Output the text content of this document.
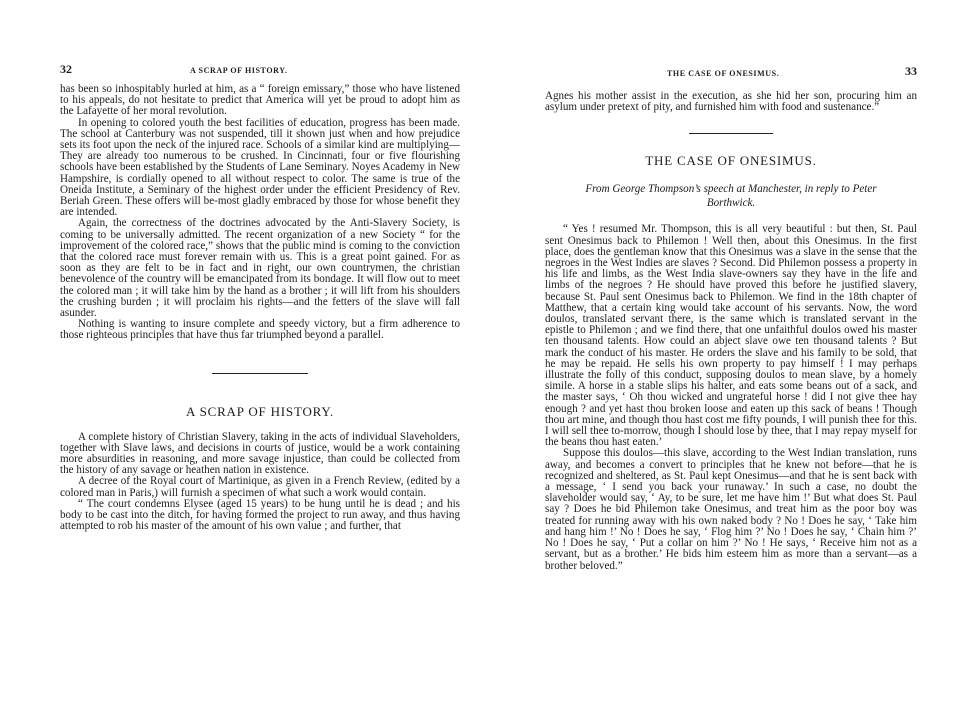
32	A SCRAP OF HISTORY.

has been so inhospitably hurled at him, as a “ foreign emissary,” those who have listened to his appeals, do not hesitate to predict that America will yet be proud to adopt him as the Lafayette of her moral revolution.

In opening to colored youth the best facilities of education, progress has been made. The school at Canterbury was not suspended, till it shown just when and how prejudice sets its foot upon the neck of the injured race. Schools of a similar kind are multiplying—They are already too numerous to be crushed. In Cincinnati, four or five flourishing schools have been established by the Students of Lane Seminary. Noyes Academy in New Hampshire, is cordially opened to all without respect to color. The same is true of the Oneida Institute, a Seminary of the highest order under the efficient Presidency of Rev. Beriah Green. These offers will be-most gladly embraced by those for whose benefit they are intended.

Again, the correctness of the doctrines advocated by the Anti-Slavery Society, is coming to be universally admitted. The recent organization of a new Society “ for the improvement of the colored race,” shows that the public mind is coming to the conviction that the colored race must forever remain with us. This is a great point gained. For as soon as they are felt to be in fact and in right, our own countrymen, the christian benevolence of the country will be emancipated from its bondage. It will flow out to meet the colored man ; it will take him by the hand as a brother ; it will lift from his shoulders the crushing burden ; it will proclaim his rights—and the fetters of the slave will fall asunder.

Nothing is wanting to insure complete and speedy victory, but a firm adherence to those righteous principles that have thus far triumphed beyond a parallel.

A SCRAP OF HISTORY.

A complete history of Christian Slavery, taking in the acts of individual Slaveholders, together with Slave laws, and decisions in courts of justice, would be a work containing more absurdities in reasoning, and more savage injustice, than could be collected from the history of any savage or heathen nation in existence.

A decree of the Royal court of Martinique, as given in a French Review, (edited by a colored man in Paris,) will furnish a specimen of what such a work would contain.

“ The court condemns Elysee (aged 15 years) to be hung until he is dead ; and his body to be cast into the ditch, for having formed the project to run away, and thus having attempted to rob his master of the amount of his own value ; and further, that

THE CASE OF ONESIMUS.	33

Agnes his mother assist in the execution, as she hid her son, procuring him an asylum under pretext of pity, and furnished him with food and sustenance.”

THE CASE OF ONESIMUS.
From George Thompson’s speech at Manchester, in reply to Peter
Borthwick.

“ Yes ! resumed Mr. Thompson, this is all very beautiful : but then, St. Paul sent Onesimus back to Philemon ! Well then, about this Onesimus. In the first place, does the gentleman know that this Onesimus was a slave in the sense that the negroes in the West Indies are slaves ? Second. Did Philemon possess a property in his life and limbs, as the West India slave-owners say they have in the life and limbs of the negroes ? He should have proved this before he justified slavery, because St. Paul sent Onesimus back to Philemon. We find in the 18th chapter of Matthew, that a certain king would take account of his servants. Now, the word doulos, translated servant there, is the same which is translated servant in the epistle to Philemon ; and we find there, that one unfaithful doulos owed his master ten thousand talents. How could an abject slave owe ten thousand talents ? But mark the conduct of his master. He orders the slave and his family to be sold, that he may be repaid. He sells his own property to pay himself ! I may perhaps illustrate the folly of this conduct, supposing doulos to mean slave, by a homely simile. A horse in a stable slips his halter, and eats some beans out of a sack, and the master says, ‘ Oh thou wicked and ungrateful horse ! did I not give thee hay enough ? and yet hast thou broken loose and eaten up this sack of beans ! Though thou art mine, and though thou hast cost me fifty pounds, I will punish thee for this. I will sell thee to-morrow, though I should lose by thee, that I may repay myself for the beans thou hast eaten.’

Suppose this doulos—this slave, according to the West Indian translation, runs away, and becomes a convert to principles that he knew not before—that he is recognized and sheltered, as St. Paul kept Onesimus—and that he is sent back with a message, ‘ I send you back your runaway.’ In such a case, no doubt the slaveholder would say, ‘ Ay, to be sure, let me have him !’ But what does St. Paul say ? Does he bid Philemon take Onesimus, and treat him as the poor boy was treated for running away with his own naked body ? No ! Does he say, ‘ Take him and hang him !’ No ! Does he say, ‘ Flog him ?’ No ! Does he say, ‘ Chain him ?’ No ! Does he say, ‘ Put a collar on him ?’ No ! He says, ‘ Receive him not as a servant, but as a brother.’ He bids him esteem him as more than a servant—as a brother beloved.”
